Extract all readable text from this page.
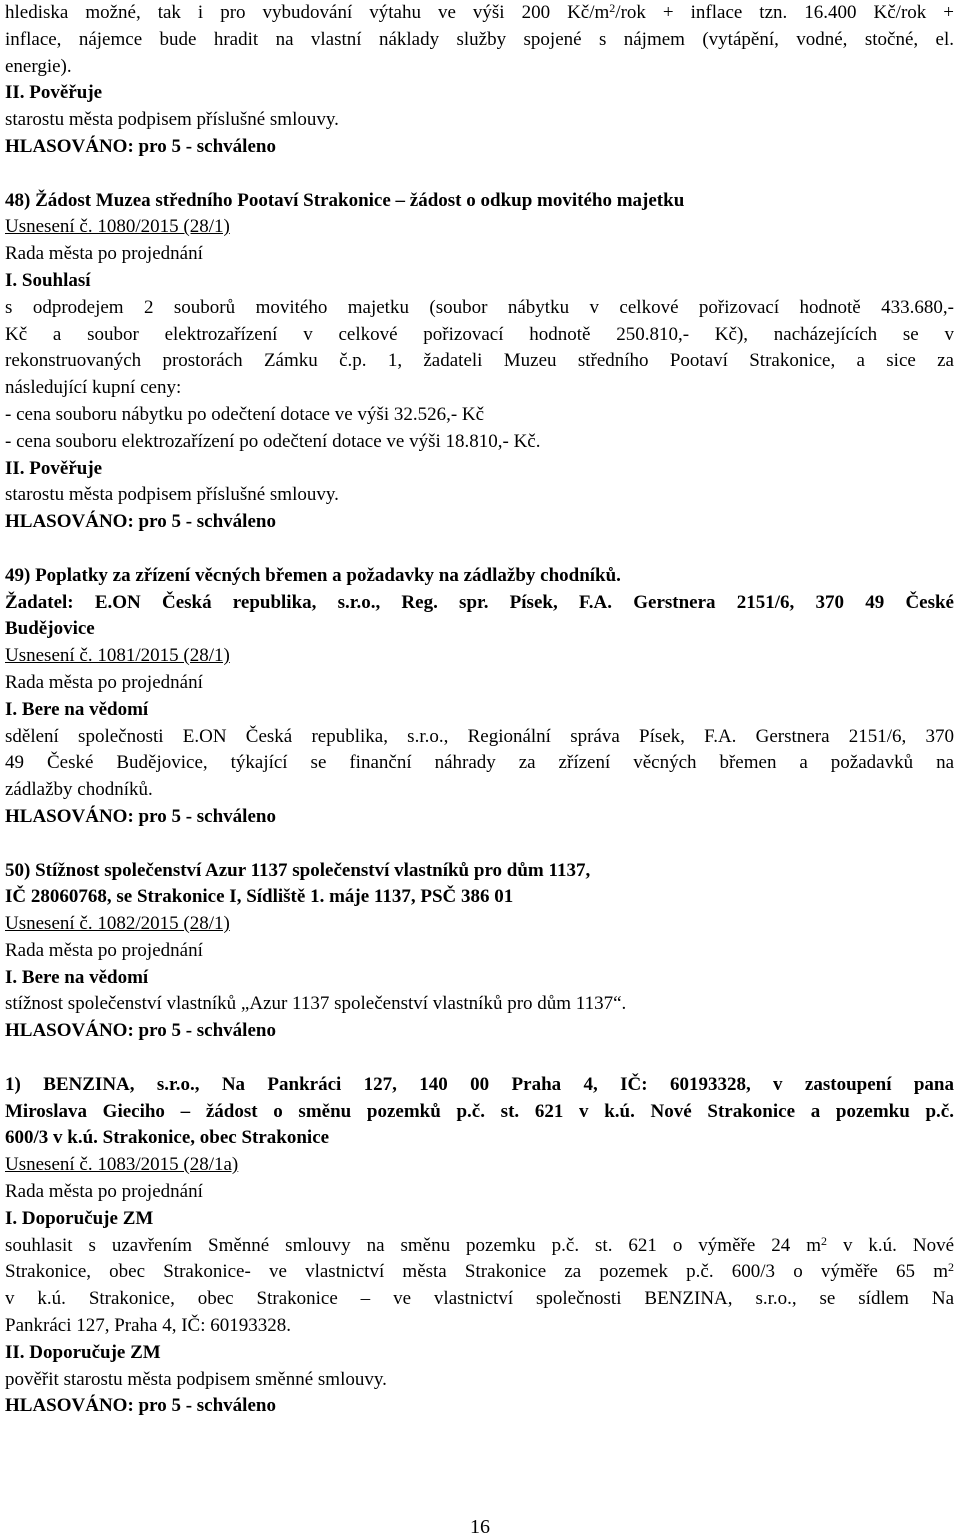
hlediska možné, tak i pro vybudování výtahu ve výši 200 $Kč/m^2$/rok + inflace tzn. 16.400 Kč/rok +
inflace, nájemce bude hradit na vlastní náklady služby spojené s nájmem (vytápění, vodné, stočné, el.
energie).
II. Pověřuje
starostu města podpisem příslušné smlouvy.
HLASOVÁNO: pro 5 - schváleno
48) Žádost Muzea středního Pootaví Strakonice – žádost o odkup movitého majetku
Usnesení č. 1080/2015 (28/1)
Rada města po projednání
I. Souhlasí
s odprodejem 2 souborů movitého majetku (soubor nábytku v celkové pořizovací hodnotě 433.680,-
Kč a soubor elektrozařízení v celkové pořizovací hodnotě 250.810,- Kč), nacházejících se v
rekonstruovaných prostorách Zámku č.p. 1, žadateli Muzeu středního Pootaví Strakonice, a sice za
následující kupní ceny:
- cena souboru nábytku po odečtení dotace ve výši 32.526,- Kč
- cena souboru elektrozařízení po odečtení dotace ve výši 18.810,- Kč.
II. Pověřuje
starostu města podpisem příslušné smlouvy.
HLASOVÁNO: pro 5 - schváleno
49) Poplatky za zřízení věcných břemen a požadavky na zádlažby chodníků.
Žadatel: E.ON Česká republika, s.r.o., Reg. spr. Písek, F.A. Gerstnera 2151/6, 370 49 České
Budějovice
Usnesení č. 1081/2015 (28/1)
Rada města po projednání
I. Bere na vědomí
sdělení společnosti E.ON Česká republika, s.r.o., Regionální správa Písek, F.A. Gerstnera 2151/6, 370
49 České Budějovice, týkající se finanční náhrady za zřízení věcných břemen a požadavků na
zádlažby chodníků.
HLASOVÁNO: pro 5 - schváleno
50) Stížnost společenství Azur 1137 společenství vlastníků pro dům 1137,
IČ 28060768, se Strakonice I, Sídliště 1. máje 1137, PSČ 386 01
Usnesení č. 1082/2015 (28/1)
Rada města po projednání
I. Bere na vědomí
stížnost společenství vlastníků „Azur 1137 společenství vlastníků pro dům 1137“.
HLASOVÁNO: pro 5 - schváleno
1) BENZINA, s.r.o., Na Pankráci 127, 140 00 Praha 4, IČ: 60193328, v zastoupení pana
Miroslava Gieciho – žádost o směnu pozemků p.č. st. 621 v k.ú. Nové Strakonice a pozemku p.č.
600/3 v k.ú. Strakonice, obec Strakonice
Usnesení č. 1083/2015 (28/1a)
Rada města po projednání
I. Doporučuje ZM
souhlasit s uzavřením Směnné smlouvy na směnu pozemku p.č. st. 621 o výměře 24 $m^2$ v k.ú. Nové
Strakonice, obec Strakonice- ve vlastnictví města Strakonice za pozemek p.č. 600/3 o výměře 65 $m^2$
v k.ú. Strakonice, obec Strakonice – ve vlastnictví společnosti BENZINA, s.r.o., se sídlem Na
Pankráci 127, Praha 4, IČ: 60193328.
II. Doporučuje ZM
pověřit starostu města podpisem směnné smlouvy.
HLASOVÁNO: pro 5 - schváleno
16
